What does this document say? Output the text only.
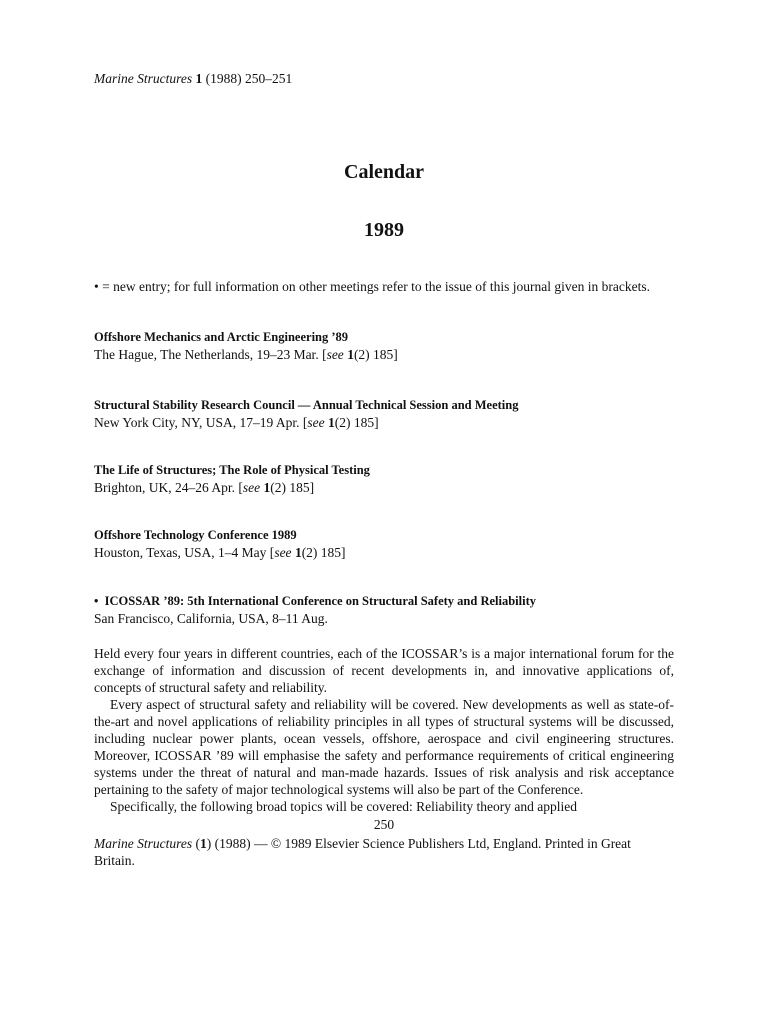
Marine Structures 1 (1988) 250–251
Calendar
1989
• = new entry; for full information on other meetings refer to the issue of this journal given in brackets.
Offshore Mechanics and Arctic Engineering ’89
The Hague, The Netherlands, 19–23 Mar. [see 1(2) 185]
Structural Stability Research Council — Annual Technical Session and Meeting
New York City, NY, USA, 17–19 Apr. [see 1(2) 185]
The Life of Structures; The Role of Physical Testing
Brighton, UK, 24–26 Apr. [see 1(2) 185]
Offshore Technology Conference 1989
Houston, Texas, USA, 1–4 May [see 1(2) 185]
• ICOSSAR ’89: 5th International Conference on Structural Safety and Reliability
San Francisco, California, USA, 8–11 Aug.

Held every four years in different countries, each of the ICOSSAR’s is a major international forum for the exchange of information and discussion of recent developments in, and innovative applications of, concepts of structural safety and reliability.

Every aspect of structural safety and reliability will be covered. New developments as well as state-of-the-art and novel applications of reliability principles in all types of structural systems will be discussed, including nuclear power plants, ocean vessels, offshore, aerospace and civil engineering structures. Moreover, ICOSSAR ’89 will emphasise the safety and performance requirements of critical engineering systems under the threat of natural and man-made hazards. Issues of risk analysis and risk acceptance pertaining to the safety of major technological systems will also be part of the Conference.

Specifically, the following broad topics will be covered: Reliability theory and applied

250
Marine Structures (1) (1988) — © 1989 Elsevier Science Publishers Ltd, England. Printed in Great Britain.
